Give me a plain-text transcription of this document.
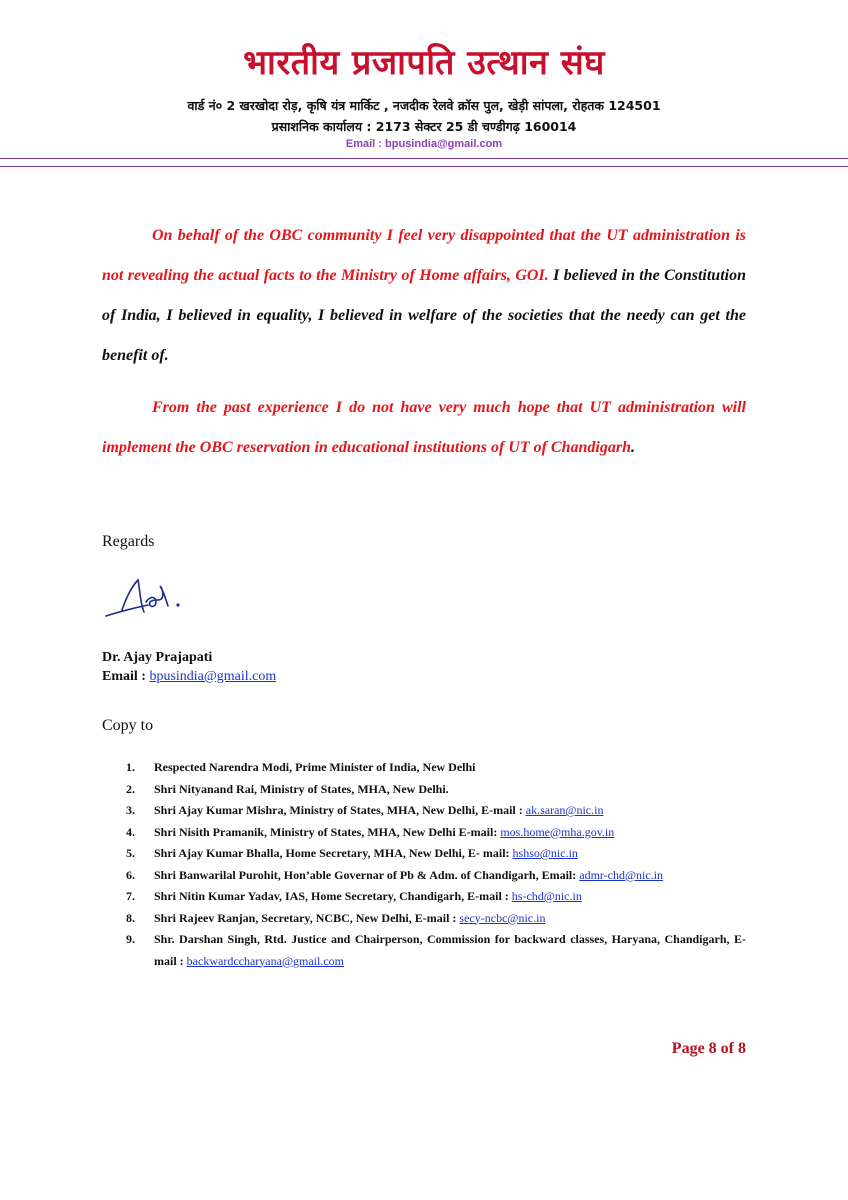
भारतीय प्रजापति उत्थान संघ
वार्ड नं० 2 खरखोदा रोड़, कृषि यंत्र मार्किट , नजदीक रेलवे क्रॉस पुल, खेड़ी सांपला, रोहतक 124501
प्रसाशनिक कार्यालय : 2173 सेक्टर 25 डी चण्डीगढ़ 160014
Email : bpusindia@gmail.com
On behalf of the OBC community I feel very disappointed that the UT administration is not revealing the actual facts to the Ministry of Home affairs, GOI. I believed in the Constitution of India, I believed in equality, I believed in welfare of the societies that the needy can get the benefit of.
From the past experience I do not have very much hope that UT administration will implement the OBC reservation in educational institutions of UT of Chandigarh.
Regards
Dr. Ajay Prajapati
Email : bpusindia@gmail.com
Copy to
1. Respected Narendra Modi, Prime Minister of India, New Delhi
2. Shri Nityanand Rai, Ministry of States, MHA, New Delhi.
3. Shri Ajay Kumar Mishra, Ministry of States, MHA, New Delhi, E-mail : ak.saran@nic.in
4. Shri Nisith Pramanik, Ministry of States, MHA, New Delhi E-mail: mos.home@mha.gov.in
5. Shri Ajay Kumar Bhalla, Home Secretary, MHA, New Delhi, E- mail: hshso@nic.in
6. Shri Banwarilal Purohit, Hon’able Governar of Pb & Adm. of Chandigarh, Email: admr-chd@nic.in
7. Shri Nitin Kumar Yadav, IAS, Home Secretary, Chandigarh, E-mail : hs-chd@nic.in
8. Shri Rajeev Ranjan, Secretary, NCBC, New Delhi, E-mail : secy-ncbc@nic.in
9. Shr. Darshan Singh, Rtd. Justice and Chairperson, Commission for backward classes, Haryana, Chandigarh, E-mail : backwardccharyana@gmail.com
Page 8 of 8
